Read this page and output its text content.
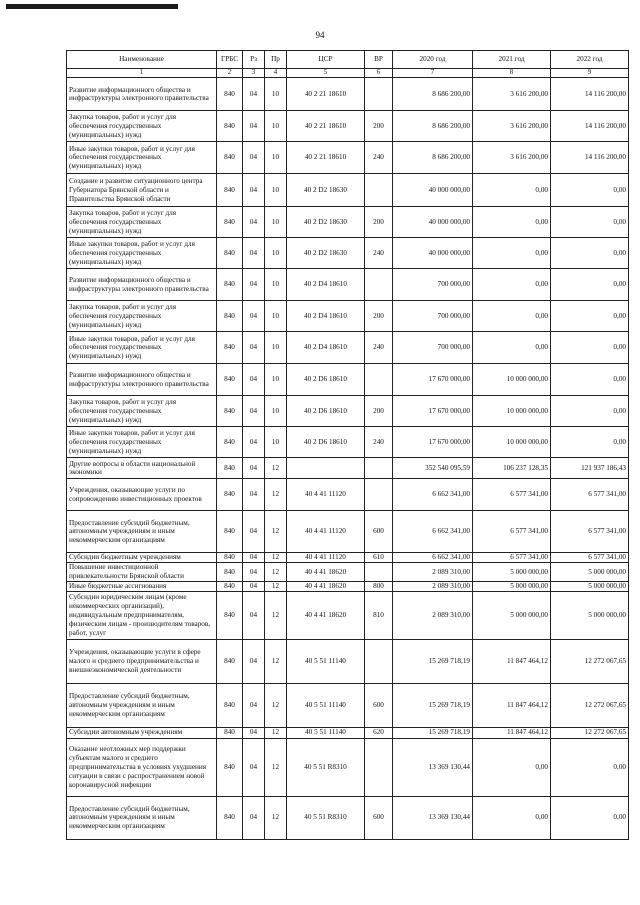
94
Наименование	ГРБС	Рз	Пр	ЦСР	ВР	2020 год	2021 год	2022 год
1	2	3	4	5	6	7	8	9
Развитие информационного общества и инфраструктуры электронного правительства	840	04	10	40 2 21 18610		8 686 200,00	3 616 200,00	14 116 200,00
Закупка товаров, работ и услуг для обеспечения государственных (муниципальных) нужд	840	04	10	40 2 21 18610	200	8 686 200,00	3 616 200,00	14 116 200,00
Иные закупки товаров, работ и услуг для обеспечения государственных (муниципальных) нужд	840	04	10	40 2 21 18610	240	8 686 200,00	3 616 200,00	14 116 200,00
Создание и развитие ситуационного центра Губернатора Брянской области и Правительства Брянской области	840	04	10	40 2 D2 18630		40 000 000,00	0,00	0,00
Закупка товаров, работ и услуг для обеспечения государственных (муниципальных) нужд	840	04	10	40 2 D2 18630	200	40 000 000,00	0,00	0,00
Иные закупки товаров, работ и услуг для обеспечения государственных (муниципальных) нужд	840	04	10	40 2 D2 18630	240	40 000 000,00	0,00	0,00
Развитие информационного общества и инфраструктуры электронного правительства	840	04	10	40 2 D4 18610		700 000,00	0,00	0,00
Закупка товаров, работ и услуг для обеспечения государственных (муниципальных) нужд	840	04	10	40 2 D4 18610	200	700 000,00	0,00	0,00
Иные закупки товаров, работ и услуг для обеспечения государственных (муниципальных) нужд	840	04	10	40 2 D4 18610	240	700 000,00	0,00	0,00
Развитие информационного общества и инфраструктуры электронного правительства	840	04	10	40 2 D6 18610		17 670 000,00	10 000 000,00	0,00
Закупка товаров, работ и услуг для обеспечения государственных (муниципальных) нужд	840	04	10	40 2 D6 18610	200	17 670 000,00	10 000 000,00	0,00
Иные закупки товаров, работ и услуг для обеспечения государственных (муниципальных) нужд	840	04	10	40 2 D6 18610	240	17 670 000,00	10 000 000,00	0,00
Другие вопросы в области национальной экономики	840	04	12			352 540 095,59	106 237 128,35	121 937 186,43
Учреждения, оказывающие услуги по сопровождению инвестиционных проектов	840	04	12	40 4 41 11120		6 662 341,00	6 577 341,00	6 577 341,00
Предоставление субсидий бюджетным, автономным учреждениям и иным некоммерческим организациям	840	04	12	40 4 41 11120	600	6 662 341,00	6 577 341,00	6 577 341,00
Субсидии бюджетным учреждениям	840	04	12	40 4 41 11120	610	6 662 341,00	6 577 341,00	6 577 341,00
Повышение инвестиционной привлекательности Брянской области	840	04	12	40 4 41 18620		2 089 310,00	5 000 000,00	5 000 000,00
Иные бюджетные ассигнования	840	04	12	40 4 41 18620	800	2 089 310,00	5 000 000,00	5 000 000,00
Субсидии юридическим лицам (кроме некоммерческих организаций), индивидуальным предпринимателям, физическим лицам - производителям товаров, работ, услуг	840	04	12	40 4 41 18620	810	2 089 310,00	5 000 000,00	5 000 000,00
Учреждения, оказывающие услуги в сфере малого и среднего предпринимательства и внешнеэкономической деятельности	840	04	12	40 5 51 11140		15 269 718,19	11 847 464,12	12 272 067,65
Предоставление субсидий бюджетным, автономным учреждениям и иным некоммерческим организациям	840	04	12	40 5 51 11140	600	15 269 718,19	11 847 464,12	12 272 067,65
Субсидии автономным учреждениям	840	04	12	40 5 51 11140	620	15 269 718,19	11 847 464,12	12 272 067,65
Оказание неотложных мер поддержки субъектам малого и среднего предпринимательства в условиях ухудшения ситуации в связи с распространением новой коронавирусной инфекции	840	04	12	40 5 51 R8310		13 369 130,44	0,00	0,00
Предоставление субсидий бюджетным, автономным учреждениям и иным некоммерческим организациям	840	04	12	40 5 51 R8310	600	13 369 130,44	0,00	0,00
